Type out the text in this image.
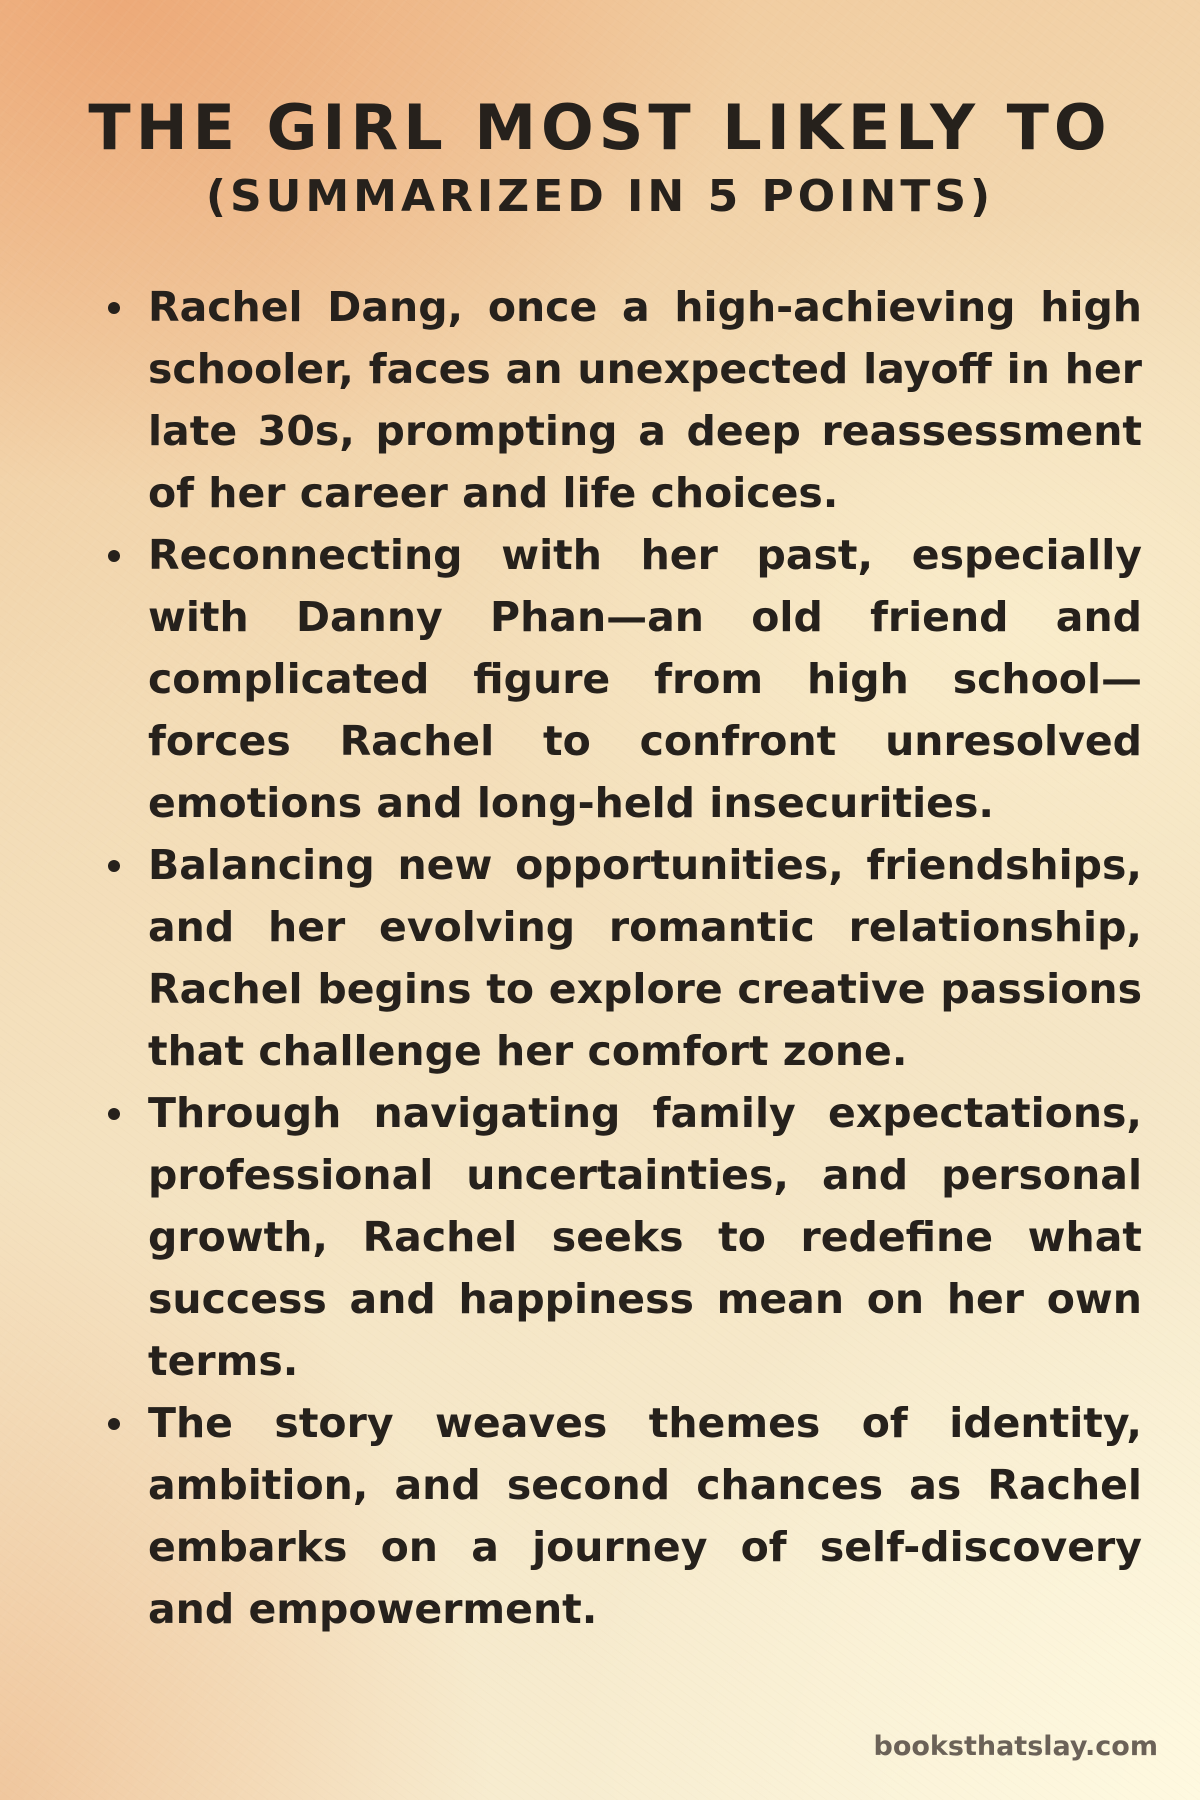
THE GIRL MOST LIKELY TO
(SUMMARIZED IN 5 POINTS)
Rachel Dang, once a high-achieving high schooler, faces an unexpected layoff in her late 30s, prompting a deep reassessment of her career and life choices.
Reconnecting with her past, especially with Danny Phan—an old friend and complicated figure from high school—forces Rachel to confront unresolved emotions and long-held insecurities.
Balancing new opportunities, friendships, and her evolving romantic relationship, Rachel begins to explore creative passions that challenge her comfort zone.
Through navigating family expectations, professional uncertainties, and personal growth, Rachel seeks to redefine what success and happiness mean on her own terms.
The story weaves themes of identity, ambition, and second chances as Rachel embarks on a journey of self-discovery and empowerment.
booksthatslay.com
